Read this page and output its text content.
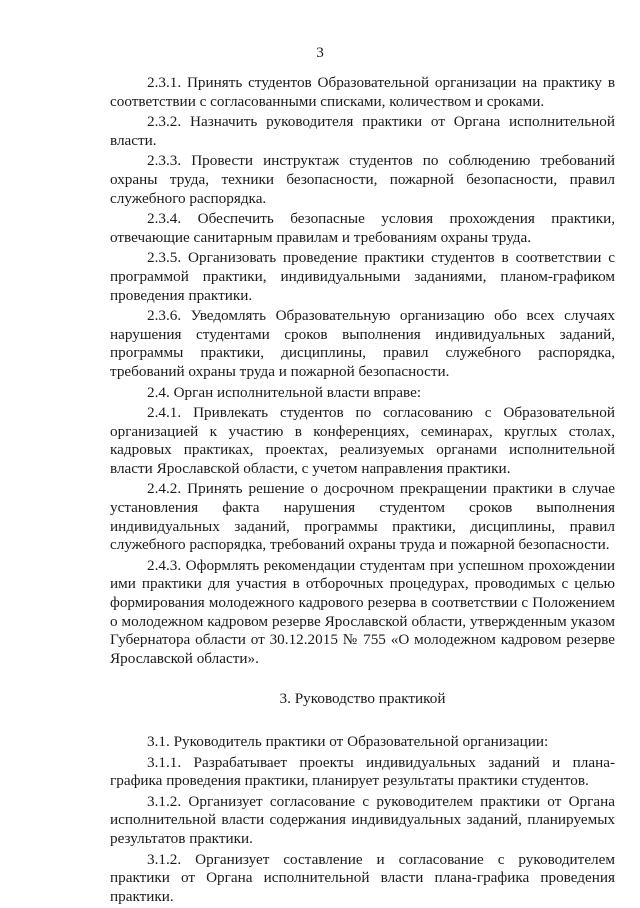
3

2.3.1. Принять студентов Образовательной организации на практику в соответствии с согласованными списками, количеством и сроками.

2.3.2. Назначить руководителя практики от Органа исполнительной власти.

2.3.3. Провести инструктаж студентов по соблюдению требований охраны труда, техники безопасности, пожарной безопасности, правил служебного распорядка.

2.3.4. Обеспечить безопасные условия прохождения практики, отвечающие санитарным правилам и требованиям охраны труда.

2.3.5. Организовать проведение практики студентов в соответствии с программой практики, индивидуальными заданиями, планом-графиком проведения практики.

2.3.6. Уведомлять Образовательную организацию обо всех случаях нарушения студентами сроков выполнения индивидуальных заданий, программы практики, дисциплины, правил служебного распорядка, требований охраны труда и пожарной безопасности.

2.4. Орган исполнительной власти вправе:

2.4.1. Привлекать студентов по согласованию с Образовательной организацией к участию в конференциях, семинарах, круглых столах, кадровых практиках, проектах, реализуемых органами исполнительной власти Ярославской области, с учетом направления практики.

2.4.2. Принять решение о досрочном прекращении практики в случае установления факта нарушения студентом сроков выполнения индивидуальных заданий, программы практики, дисциплины, правил служебного распорядка, требований охраны труда и пожарной безопасности.

2.4.3. Оформлять рекомендации студентам при успешном прохождении ими практики для участия в отборочных процедурах, проводимых с целью формирования молодежного кадрового резерва в соответствии с Положением о молодежном кадровом резерве Ярославской области, утвержденным указом Губернатора области от 30.12.2015 № 755 «О молодежном кадровом резерве Ярославской области».

3. Руководство практикой

3.1. Руководитель практики от Образовательной организации:

3.1.1. Разрабатывает проекты индивидуальных заданий и плана-графика проведения практики, планирует результаты практики студентов.

3.1.2. Организует согласование с руководителем практики от Органа исполнительной власти содержания индивидуальных заданий, планируемых результатов практики.

3.1.2. Организует составление и согласование с руководителем практики от Органа исполнительной власти плана-графика проведения практики.
